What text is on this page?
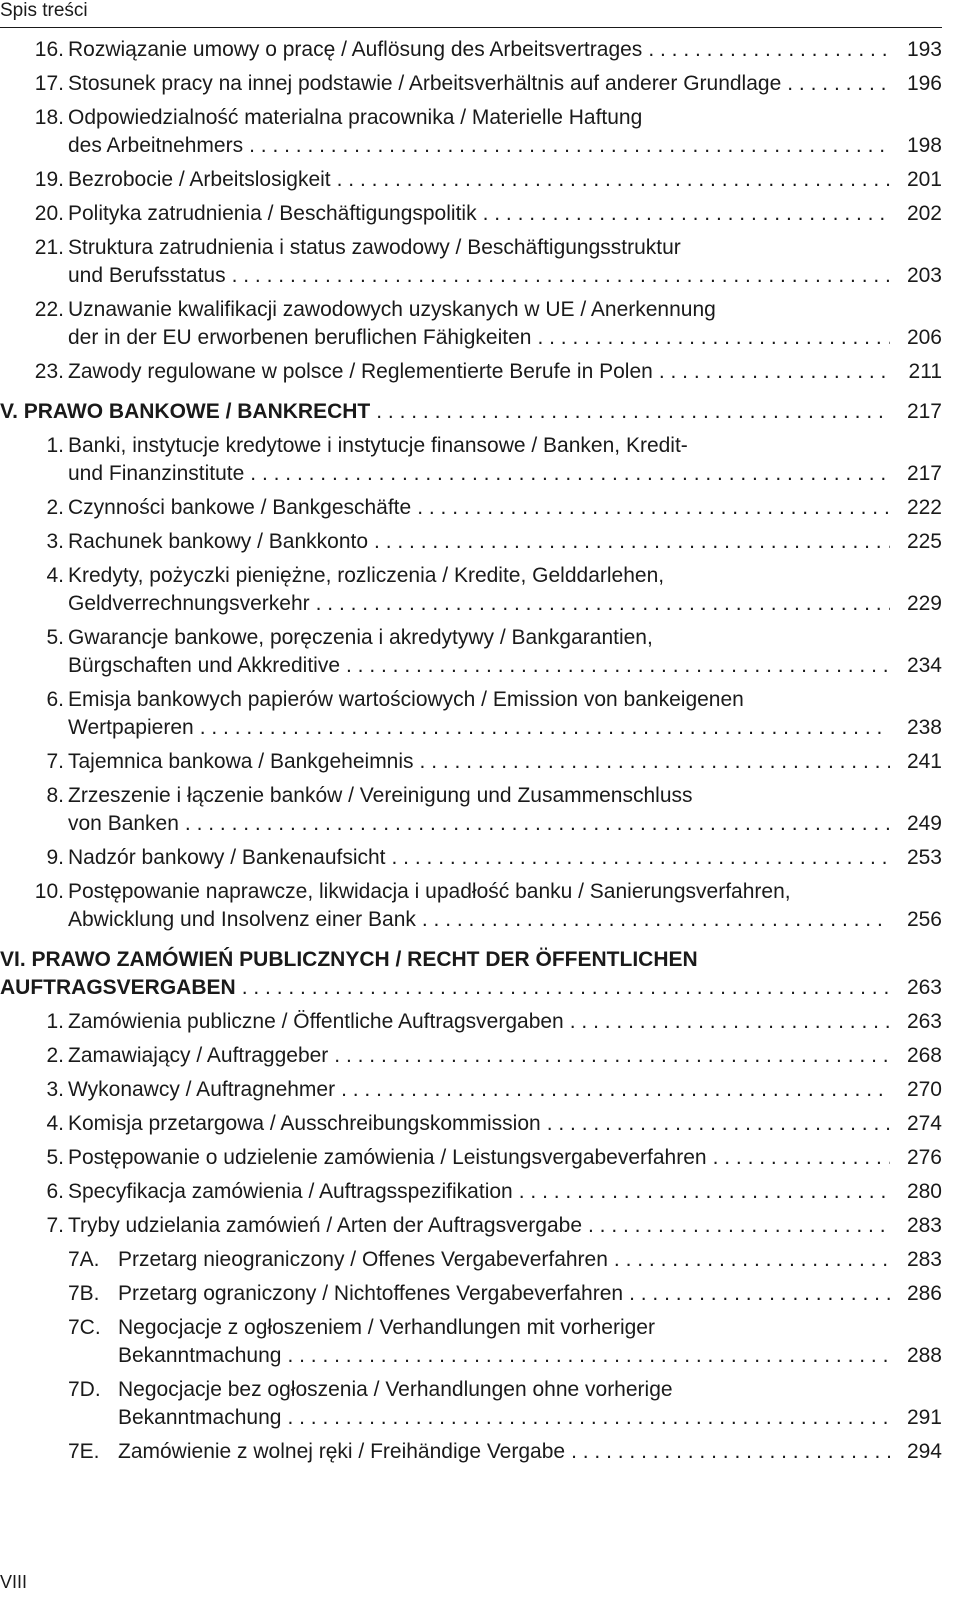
Spis treści
16. Rozwiązanie umowy o pracę / Auflösung des Arbeitsvertrages . . .	193
17. Stosunek pracy na innej podstawie / Arbeitsverhältnis auf anderer Grundlage . . .	196
18. Odpowiedzialność materialna pracownika / Materielle Haftung
des Arbeitnehmers . . .	198
19. Bezrobocie / Arbeitslosigkeit . . .	201
20. Polityka zatrudnienia / Beschäftigungspolitik . . .	202
21. Struktura zatrudnienia i status zawodowy / Beschäftigungsstruktur
und Berufsstatus . . .	203
22. Uznawanie kwalifikacji zawodowych uzyskanych w UE / Anerkennung
der in der EU erworbenen beruflichen Fähigkeiten . . .	206
23. Zawody regulowane w polsce / Reglementierte Berufe in Polen . . .	211
V. PRAWO BANKOWE / BANKRECHT . . .	217
1. Banki, instytucje kredytowe i instytucje finansowe / Banken, Kredit-
und Finanzinstitute . . .	217
2. Czynności bankowe / Bankgeschäfte . . .	222
3. Rachunek bankowy / Bankkonto . . .	225
4. Kredyty, pożyczki pieniężne, rozliczenia / Kredite, Gelddarlehen,
Geldverrechnungsverkehr . . .	229
5. Gwarancje bankowe, poręczenia i akredytywy / Bankgarantien,
Bürgschaften und Akkreditive . . .	234
6. Emisja bankowych papierów wartościowych / Emission von bankeigenen
Wertpapieren . . .	238
7. Tajemnica bankowa / Bankgeheimnis . . .	241
8. Zrzeszenie i łączenie banków / Vereinigung und Zusammenschluss
von Banken . . .	249
9. Nadzór bankowy / Bankenaufsicht . . .	253
10. Postępowanie naprawcze, likwidacja i upadłość banku / Sanierungsverfahren,
Abwicklung und Insolvenz einer Bank . . .	256
VI. PRAWO ZAMÓWIEŃ PUBLICZNYCH / RECHT DER ÖFFENTLICHEN
AUFTRAGSVERGABEN . . .	263
1. Zamówienia publiczne / Öffentliche Auftragsvergaben . . .	263
2. Zamawiający / Auftraggeber . . .	268
3. Wykonawcy / Auftragnehmer . . .	270
4. Komisja przetargowa / Ausschreibungskommission . . .	274
5. Postępowanie o udzielenie zamówienia / Leistungsvergabeverfahren . . .	276
6. Specyfikacja zamówienia / Auftragsspezifikation . . .	280
7. Tryby udzielania zamówień / Arten der Auftragsvergabe . . .	283
7A. Przetarg nieograniczony / Offenes Vergabeverfahren . . .	283
7B. Przetarg ograniczony / Nichtoffenes Vergabeverfahren . . .	286
7C. Negocjacje z ogłoszeniem / Verhandlungen mit vorheriger
Bekanntmachung . . .	288
7D. Negocjacje bez ogłoszenia / Verhandlungen ohne vorherige
Bekanntmachung . . .	291
7E. Zamówienie z wolnej ręki / Freihändige Vergabe . . .	294
VIII
